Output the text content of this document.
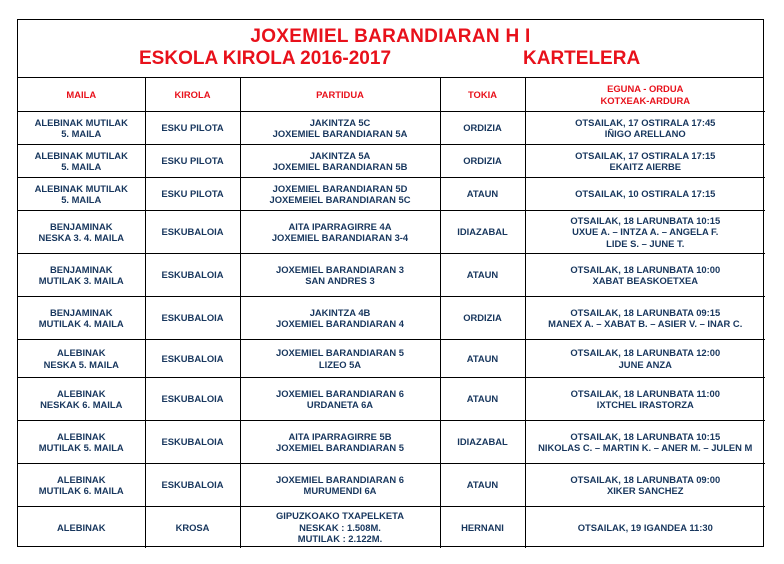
JOXEMIEL BARANDIARAN H I
ESKOLA KIROLA 2016-2017	KARTELERA
MAILA	KIROLA	PARTIDUA	TOKIA	EGUNA - ORDUA
KOTXEAK-ARDURA

ALEBINAK MUTILAK
5. MAILA	ESKU PILOTA	JAKINTZA 5C
JOXEMIEL BARANDIARAN 5A	ORDIZIA	OTSAILAK, 17 OSTIRALA 17:45
IÑIGO ARELLANO

ALEBINAK MUTILAK
5. MAILA	ESKU PILOTA	JAKINTZA 5A
JOXEMIEL BARANDIARAN 5B	ORDIZIA	OTSAILAK, 17 OSTIRALA 17:15
EKAITZ AIERBE

ALEBINAK MUTILAK
5. MAILA	ESKU PILOTA	JOXEMIEL BARANDIARAN 5D
JOXEMEIEL BARANDIARAN 5C	ATAUN	OTSAILAK, 10 OSTIRALA 17:15

BENJAMINAK
NESKA 3. 4. MAILA	ESKUBALOIA	AITA IPARRAGIRRE 4A
JOXEMIEL BARANDIARAN 3-4	IDIAZABAL	OTSAILAK, 18 LARUNBATA 10:15
UXUE A. – INTZA A. – ANGELA F.
LIDE S. – JUNE T.

BENJAMINAK
MUTILAK 3. MAILA	ESKUBALOIA	JOXEMIEL BARANDIARAN 3
SAN ANDRES 3	ATAUN	OTSAILAK, 18 LARUNBATA 10:00
XABAT BEASKOETXEA

BENJAMINAK
MUTILAK 4. MAILA	ESKUBALOIA	JAKINTZA 4B
JOXEMIEL BARANDIARAN 4	ORDIZIA	OTSAILAK, 18 LARUNBATA 09:15
MANEX A. – XABAT B. – ASIER V. – INAR C.

ALEBINAK
NESKA 5. MAILA	ESKUBALOIA	JOXEMIEL BARANDIARAN 5
LIZEO 5A	ATAUN	OTSAILAK, 18 LARUNBATA 12:00
JUNE ANZA

ALEBINAK
NESKAK 6. MAILA	ESKUBALOIA	JOXEMIEL BARANDIARAN 6
URDANETA 6A	ATAUN	OTSAILAK, 18 LARUNBATA 11:00
IXTCHEL IRASTORZA

ALEBINAK
MUTILAK 5. MAILA	ESKUBALOIA	AITA IPARRAGIRRE 5B
JOXEMIEL BARANDIARAN 5	IDIAZABAL	OTSAILAK, 18 LARUNBATA 10:15
NIKOLAS C. – MARTIN K. – ANER M. – JULEN M

ALEBINAK
MUTILAK 6. MAILA	ESKUBALOIA	JOXEMIEL BARANDIARAN 6
MURUMENDI 6A	ATAUN	OTSAILAK, 18 LARUNBATA 09:00
XIKER SANCHEZ

ALEBINAK	KROSA	GIPUZKOAKO TXAPELKETA
NESKAK : 1.508M.
MUTILAK : 2.122M.	HERNANI	OTSAILAK, 19 IGANDEA 11:30
